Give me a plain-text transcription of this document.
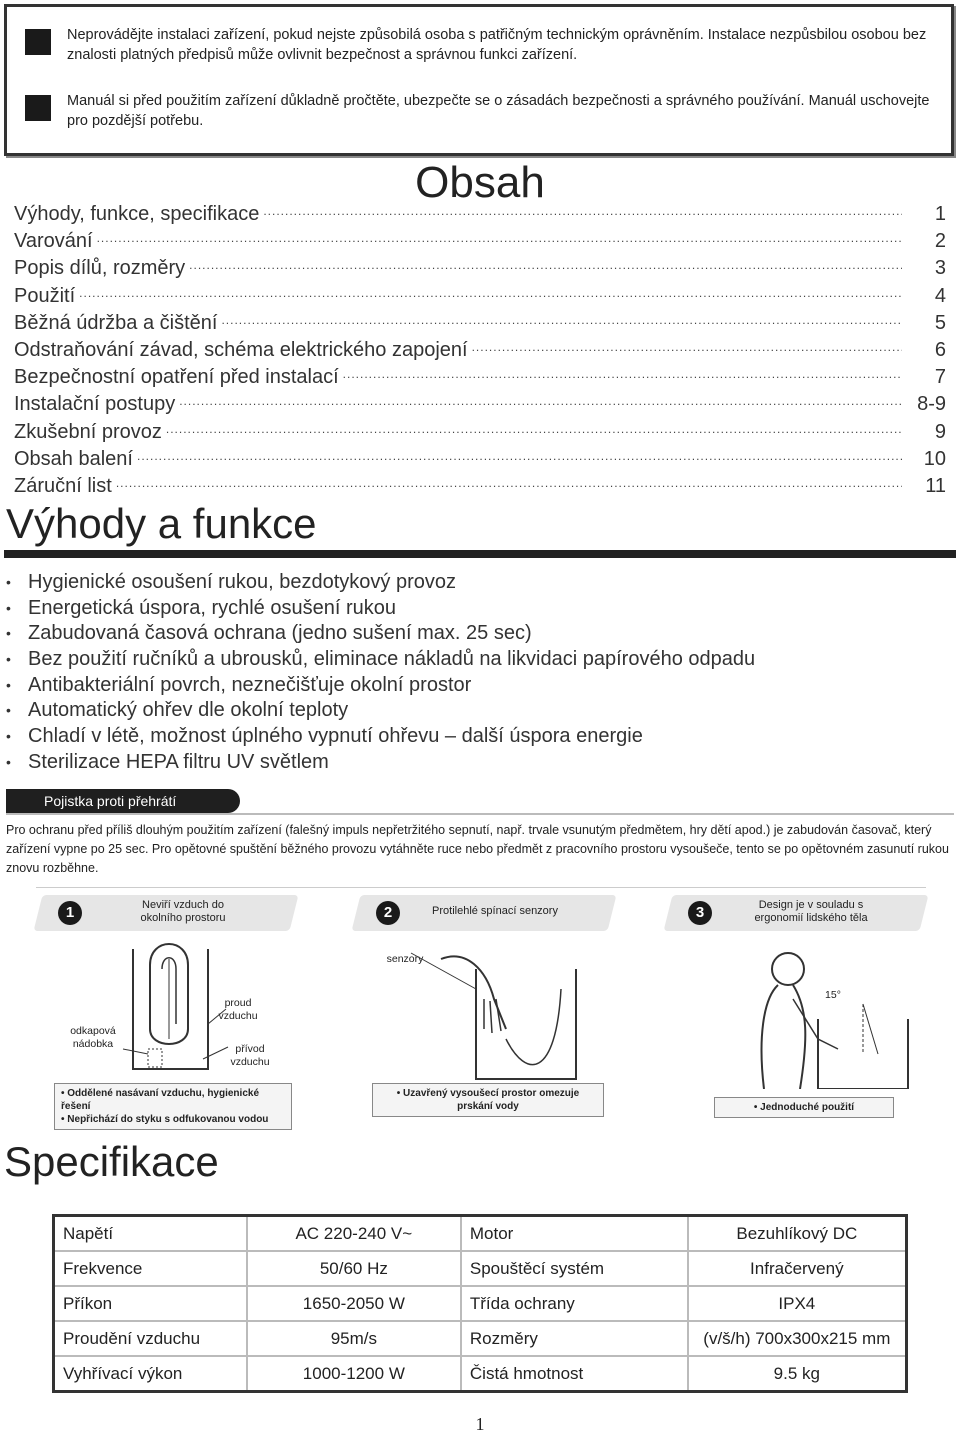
Neprovádějte instalaci zařízení, pokud nejste způsobilá osoba s patřičným technickým oprávněním. Instalace nezpůsbilou osobou bez znalosti platných předpisů může ovlivnit bezpečnost a správnou funkci zařízení.
Manuál si před použitím zařízení důkladně pročtěte, ubezpečte se o zásadách bezpečnosti a správného používání. Manuál uschovejte pro pozdější potřebu.
Obsah
Výhody, funkce, specifikace .....	1
Varování .....	2
Popis dílů, rozměry .....	3
Použití .....	4
Běžná údržba a čištění .....	5
Odstraňování závad, schéma elektrického zapojení .....	6
Bezpečnostní opatření před instalací .....	7
Instalační postupy .....	8-9
Zkušební provoz .....	9
Obsah balení .....	10
Záruční list .....	11
Výhody a funkce
• Hygienické osoušení rukou, bezdotykový provoz
• Energetická úspora, rychlé osušení rukou
• Zabudovaná časová ochrana (jedno sušení max. 25 sec)
• Bez použití ručníků a ubrousků, eliminace nákladů na likvidaci papírového odpadu
• Antibakteriální povrch, neznečišťuje okolní prostor
• Automatický ohřev dle okolní teploty
• Chladí v létě, možnost úplného vypnutí ohřevu – další úspora energie
• Sterilizace HEPA filtru UV světlem
Pojistka proti přehrátí
Pro ochranu před příliš dlouhým použitím zařízení (falešný impuls nepřetržitého sepnutí, např. trvale vsunutým předmětem, hry dětí apod.) je zabudován časovač, který zařízení vypne po 25 sec. Pro opětovné spuštění běžného provozu vytáhněte ruce nebo předmět z pracovního prostoru vysoušeče, tento se po opětovném zasunutí rukou znovu rozběhne.
1	Neviří vzduch do okolního prostoru
odkapová nádobka
proud vzduchu
přívod vzduchu
• Oddělené nasávaní vzduchu, hygienické řešení
• Nepřichází do styku s odfukovanou vodou
2	Protilehlé spínací senzory
senzory
• Uzavřený vysoušecí prostor omezuje prskání vody
3	Design je v souladu s ergonomií lidského těla
15°
• Jednoduché použití
Specifikace
Napětí	AC 220-240 V~	Motor	Bezuhlíkový DC
Frekvence	50/60 Hz	Spouštěcí systém	Infračervený
Příkon	1650-2050 W	Třída ochrany	IPX4
Proudění vzduchu	95m/s	Rozměry	(v/š/h) 700x300x215 mm
Vyhřívací výkon	1000-1200 W	Čistá hmotnost	9.5 kg
1
